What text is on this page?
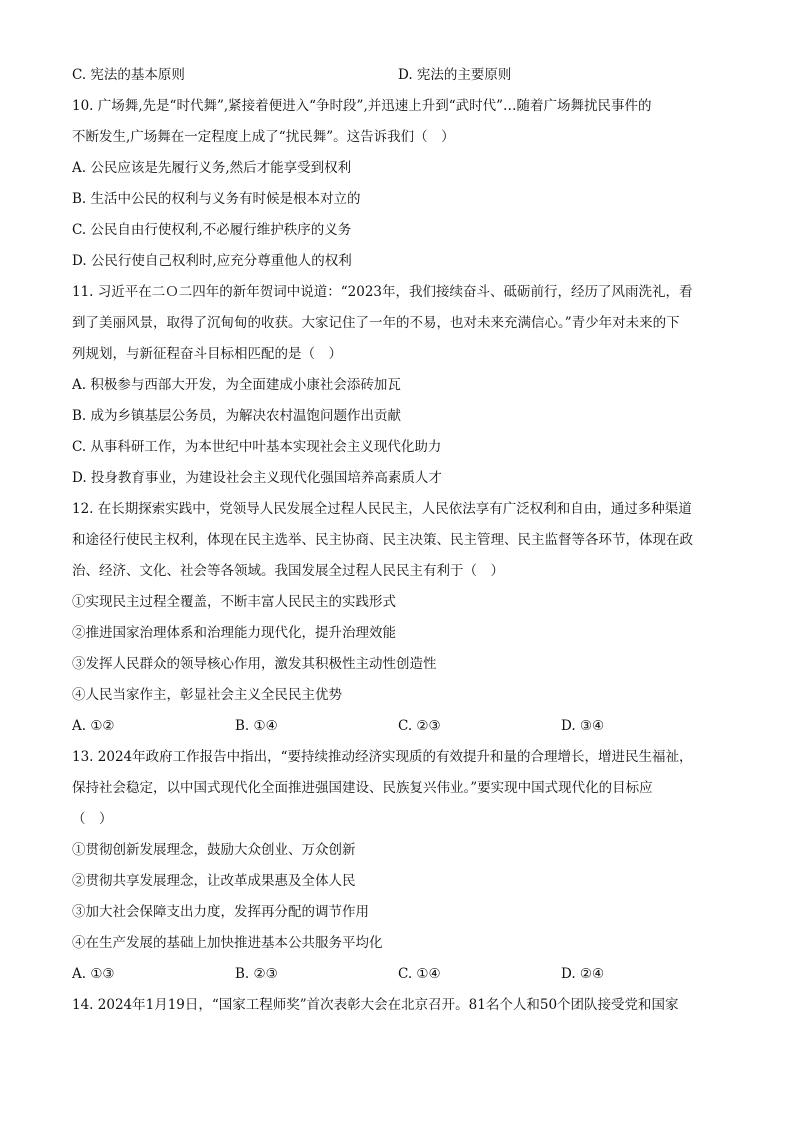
C. 宪法的基本原则	D. 宪法的主要原则
10. 广场舞,先是“时代舞”,紧接着便进入“争时段”,并迅速上升到“武时代”…随着广场舞扰民事件的
不断发生,广场舞在一定程度上成了“扰民舞”。这告诉我们（　）
A. 公民应该是先履行义务,然后才能享受到权利
B. 生活中公民的权利与义务有时候是根本对立的
C. 公民自由行使权利,不必履行维护秩序的义务
D. 公民行使自己权利时,应充分尊重他人的权利
11. 习近平在二Ｏ二四年的新年贺词中说道：“2023年，我们接续奋斗、砥砺前行，经历了风雨洗礼，看
到了美丽风景，取得了沉甸甸的收获。大家记住了一年的不易，也对未来充满信心。”青少年对未来的下
列规划，与新征程奋斗目标相匹配的是（　）
A. 积极参与西部大开发，为全面建成小康社会添砖加瓦
B. 成为乡镇基层公务员，为解决农村温饱问题作出贡献
C. 从事科研工作，为本世纪中叶基本实现社会主义现代化助力
D. 投身教育事业，为建设社会主义现代化强国培养高素质人才
12. 在长期探索实践中，党领导人民发展全过程人民民主，人民依法享有广泛权利和自由，通过多种渠道
和途径行使民主权利，体现在民主选举、民主协商、民主决策、民主管理、民主监督等各环节，体现在政
治、经济、文化、社会等各领域。我国发展全过程人民民主有利于（　）
①实现民主过程全覆盖，不断丰富人民民主的实践形式
②推进国家治理体系和治理能力现代化，提升治理效能
③发挥人民群众的领导核心作用，激发其积极性主动性创造性
④人民当家作主，彰显社会主义全民民主优势
A. ①②	B. ①④	C. ②③	D. ③④
13. 2024年政府工作报告中指出，“要持续推动经济实现质的有效提升和量的合理增长，增进民生福祉，
保持社会稳定，以中国式现代化全面推进强国建设、民族复兴伟业。”要实现中国式现代化的目标应
（　）
①贯彻创新发展理念，鼓励大众创业、万众创新
②贯彻共享发展理念，让改革成果惠及全体人民
③加大社会保障支出力度，发挥再分配的调节作用
④在生产发展的基础上加快推进基本公共服务平均化
A. ①③	B. ②③	C. ①④	D. ②④
14. 2024年1月19日，“国家工程师奖”首次表彰大会在北京召开。81名个人和50个团队接受党和国家
